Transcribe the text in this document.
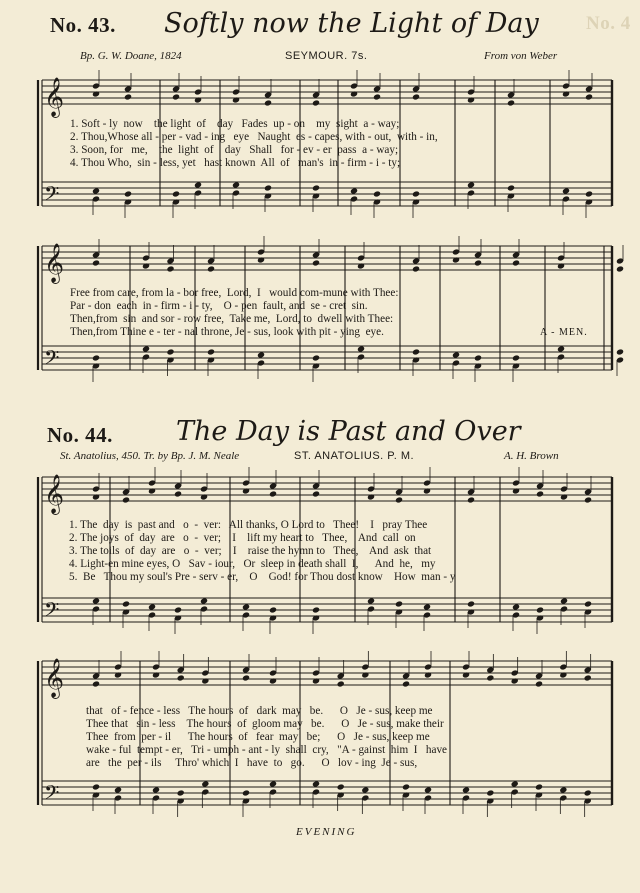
𝄞
𝄢
𝄞
𝄢
𝄞
𝄢
𝄞
𝄢
No. 43. Softly now the Light of Day
Bp. G. W. Doane, 1824	SEYMOUR. 7s.	From von Weber
1. Soft - ly  now    the light  of    day   Fades  up - on    my  sight  a - way;
2. Thou,Whose all - per - vad - ing   eye   Naught  es - capes, with - out,  with - in,
3. Soon, for   me,    the  light  of    day   Shall   for - ev - er  pass  a - way;
4. Thou Who,  sin - less, yet   hast known  All  of   man's  in - firm - i - ty;
Free from care, from la - bor free,  Lord,  I   would com-mune with Thee:
Par - don  each  in - firm - i - ty,    O - pen  fault, and  se - cret  sin.
Then,from  sin  and sor - row free,  Take me,  Lord, to  dwell with Thee:
Then,from Thine e - ter - nal throne, Je - sus, look with pit - ying  eye.	A - MEN.
No. 44. The Day is Past and Over
St. Anatolius, 450. Tr. by Bp. J. M. Neale	ST. ANATOLIUS. P. M.	A. H. Brown
1. The  day  is  past and   o  -  ver:   All thanks, O Lord to   Thee!    I   pray Thee
2. The joys  of  day  are   o  -  ver;    I    lift my heart to   Thee,    And  call  on
3. The toils  of  day  are   o  -  ver;    I    raise the hymn to   Thee,    And  ask  that
4. Light-en mine eyes, O   Sav - iour,   Or  sleep in death shall  I,      And  he,   my
5.  Be   Thou my soul's Pre - serv - er,    O    God! for Thou dost know    How  man - y
that   of - fence - less   The hours  of   dark  may   be.      O   Je - sus, keep me
Thee that   sin - less    The hours  of  gloom may   be.      O   Je - sus, make their
Thee  from  per - il      The hours  of   fear  may   be;      O   Je - sus, keep me
wake - ful  tempt - er,   Tri - umph - ant - ly  shall  cry,   "A - gainst  him  I   have
are   the  per - ils     Thro' which  I   have  to   go.      O   lov - ing  Je - sus,
EVENING
No. 4
